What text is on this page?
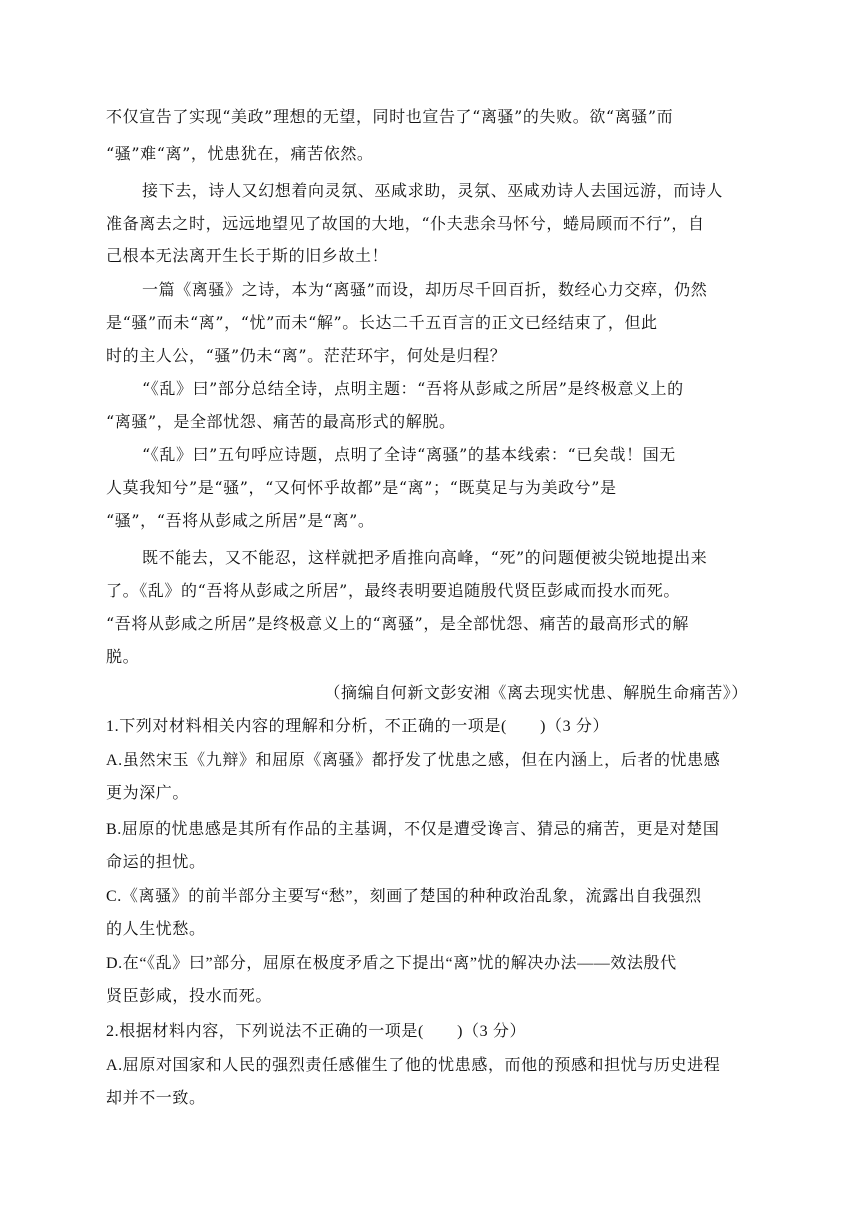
不仅宣告了实现“美政”理想的无望，同时也宣告了“离骚”的失败。欲“离骚”而
“骚”难“离”，忧患犹在，痛苦依然。
接下去，诗人又幻想着向灵氛、巫咸求助，灵氛、巫咸劝诗人去国远游，而诗人
准备离去之时，远远地望见了故国的大地，“仆夫悲余马怀兮，蜷局顾而不行”，自
己根本无法离开生长于斯的旧乡故土！
一篇《离骚》之诗，本为“离骚”而设，却历尽千回百折，数经心力交瘁，仍然
是“骚”而未“离”，“忧”而未“解”。长达二千五百言的正文已经结束了，但此
时的主人公，“骚”仍未“离”。茫茫环宇，何处是归程？
“《乱》曰”部分总结全诗，点明主题：“吾将从彭咸之所居”是终极意义上的
“离骚”，是全部忧怨、痛苦的最高形式的解脱。
“《乱》曰”五句呼应诗题，点明了全诗“离骚”的基本线索：“已矣哉！国无
人莫我知兮”是“骚”，“又何怀乎故都”是“离”；“既莫足与为美政兮”是
“骚”，“吾将从彭咸之所居”是“离”。
既不能去，又不能忍，这样就把矛盾推向高峰，“死”的问题便被尖锐地提出来
了。《乱》的“吾将从彭咸之所居”，最终表明要追随殷代贤臣彭咸而投水而死。
“吾将从彭咸之所居”是终极意义上的“离骚”，是全部忧怨、痛苦的最高形式的解
脱。
（摘编自何新文彭安湘《离去现实忧患、解脱生命痛苦》）
1.下列对材料相关内容的理解和分析，不正确的一项是(　　)（3 分）
A.虽然宋玉《九辩》和屈原《离骚》都抒发了忧患之感，但在内涵上，后者的忧患感
更为深广。
B.屈原的忧患感是其所有作品的主基调，不仅是遭受谗言、猜忌的痛苦，更是对楚国
命运的担忧。
C.《离骚》的前半部分主要写“愁”，刻画了楚国的种种政治乱象，流露出自我强烈
的人生忧愁。
D.在“《乱》曰”部分，屈原在极度矛盾之下提出“离”忧的解决办法——效法殷代
贤臣彭咸，投水而死。
2.根据材料内容，下列说法不正确的一项是(　　)（3 分）
A.屈原对国家和人民的强烈责任感催生了他的忧患感，而他的预感和担忧与历史进程
却并不一致。
